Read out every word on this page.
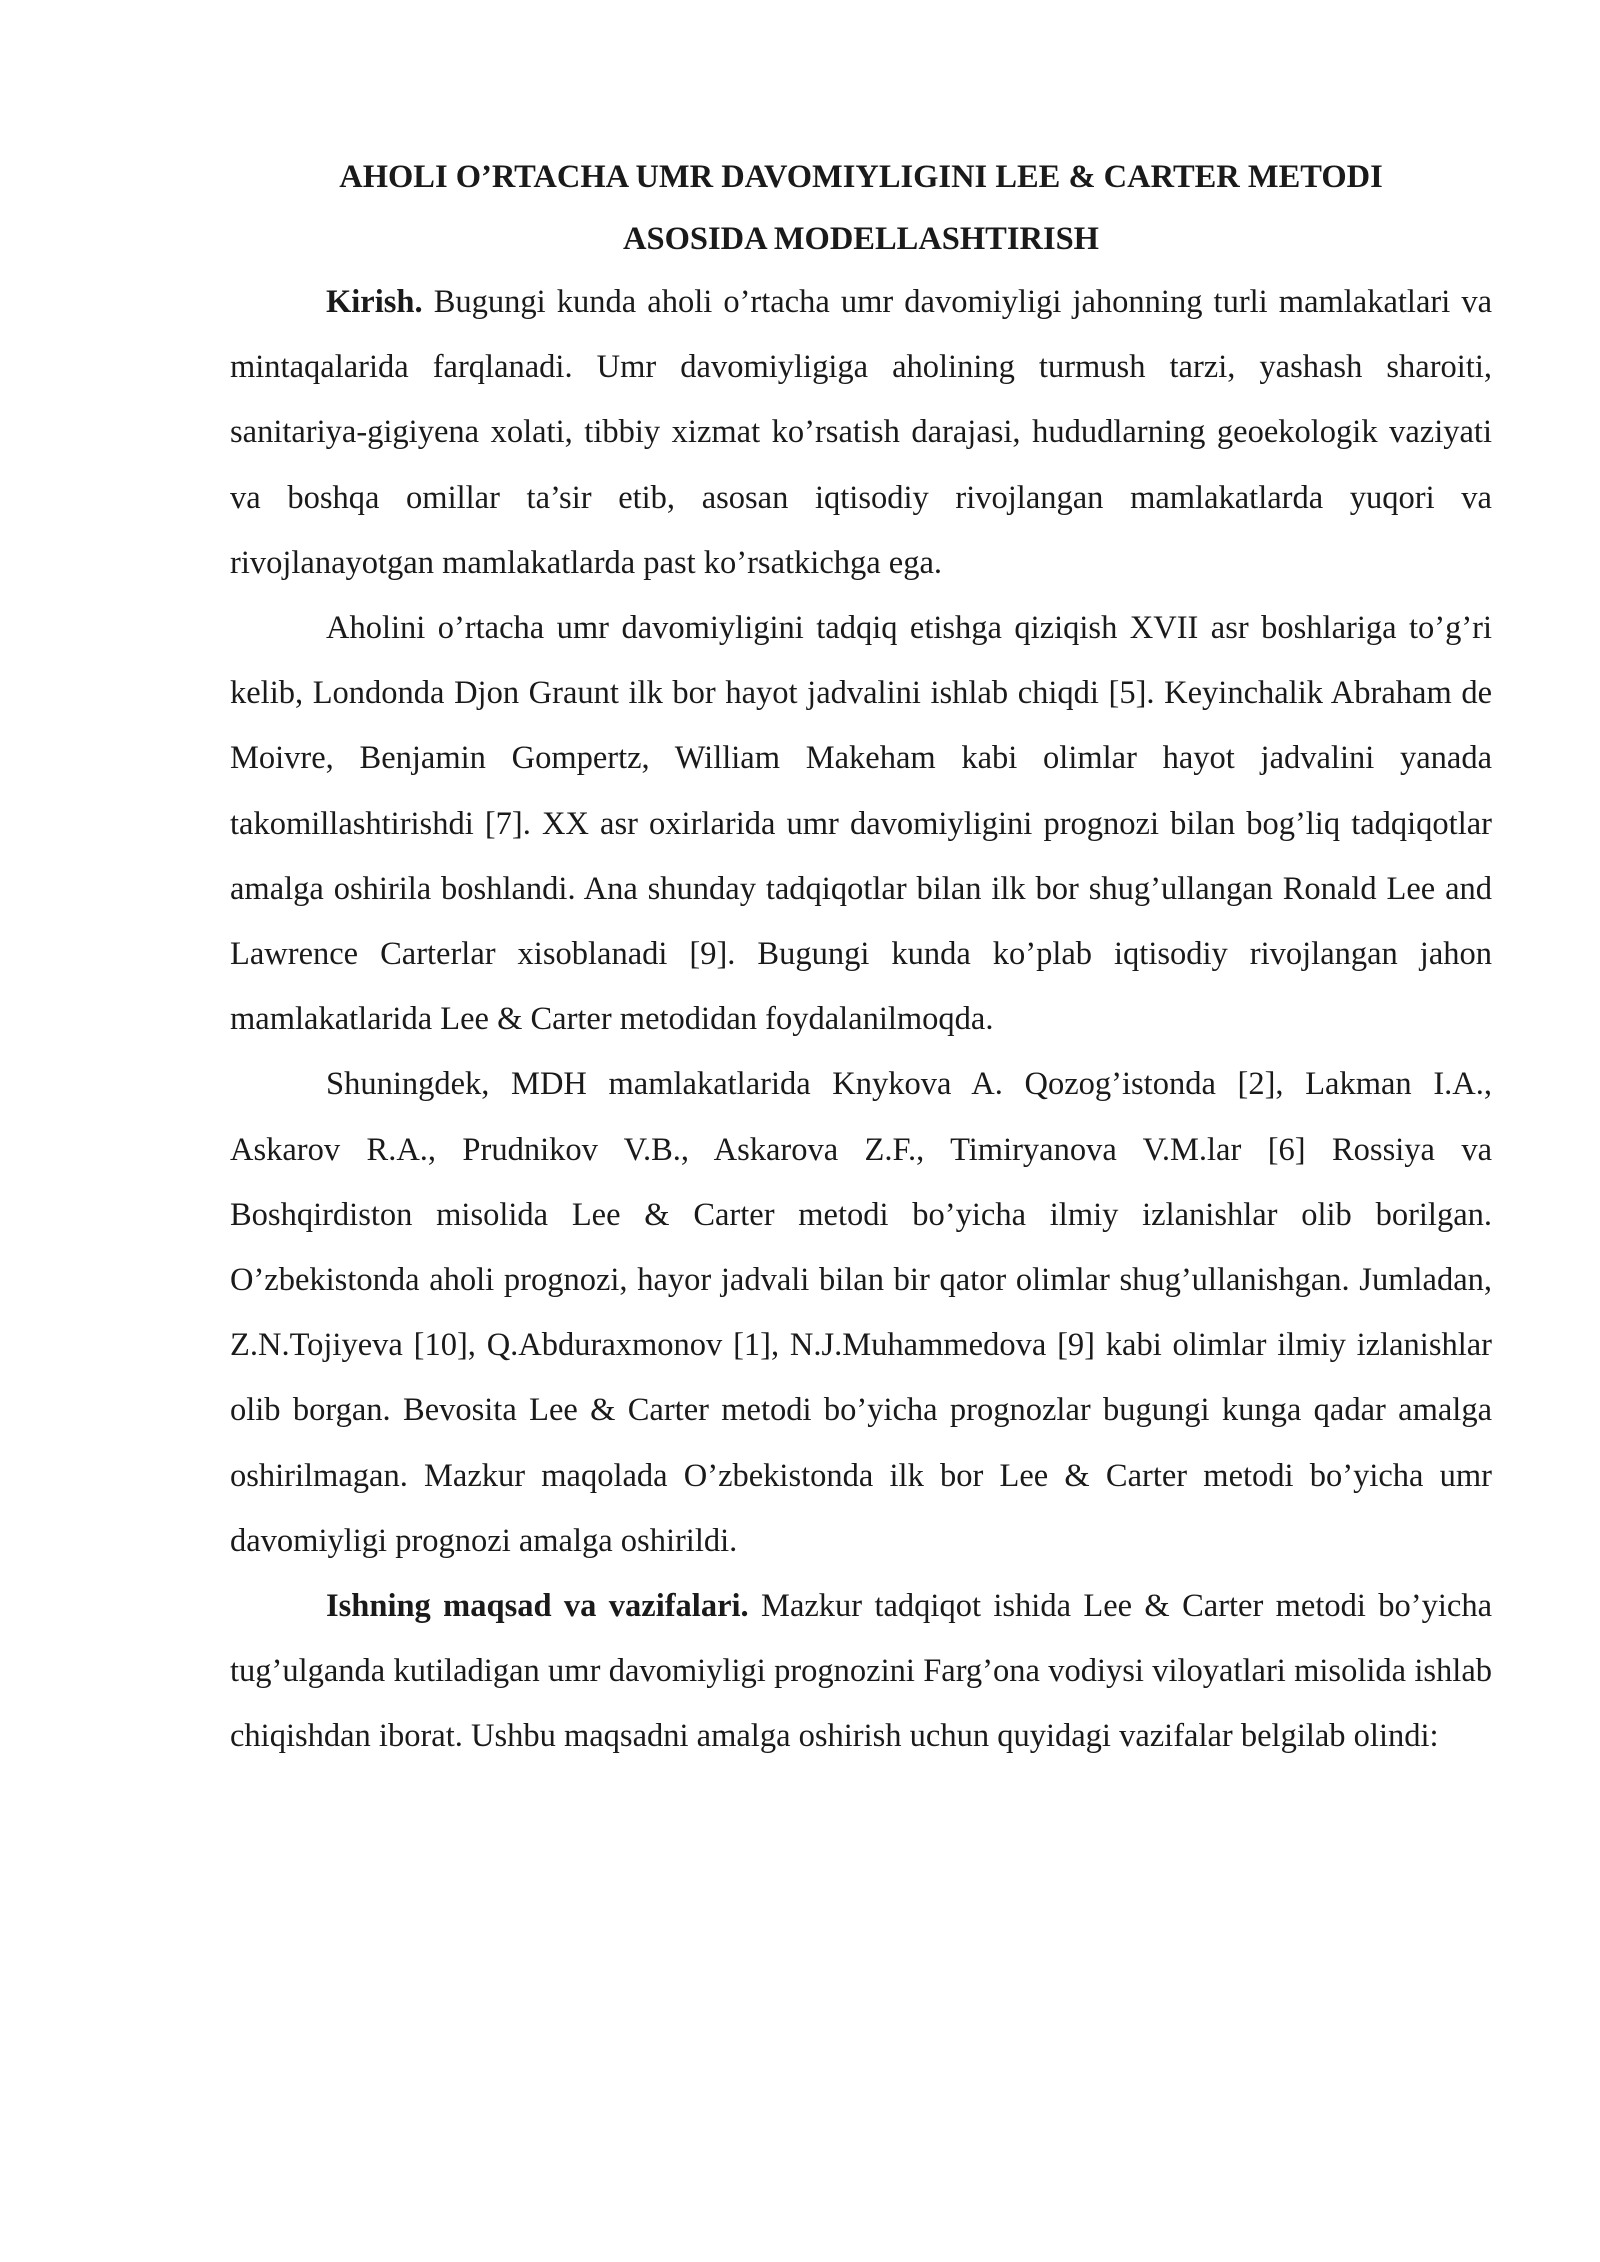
AHOLI O’RTACHA UMR DAVOMIYLIGINI LEE & CARTER METODI
ASOSIDA MODELLASHTIRISH

Kirish. Bugungi kunda aholi o’rtacha umr davomiyligi jahonning turli mamlakatlari va mintaqalarida farqlanadi. Umr davomiyligiga aholining turmush tarzi, yashash sharoiti, sanitariya-gigiyena xolati, tibbiy xizmat ko’rsatish darajasi, hududlarning geoekologik vaziyati va boshqa omillar ta’sir etib, asosan iqtisodiy rivojlangan mamlakatlarda yuqori va rivojlanayotgan mamlakatlarda past ko’rsatkichga ega.

Aholini o’rtacha umr davomiyligini tadqiq etishga qiziqish XVII asr boshlariga to’g’ri kelib, Londonda Djon Graunt ilk bor hayot jadvalini ishlab chiqdi [5]. Keyinchalik Abraham de Moivre, Benjamin Gompertz, William Makeham kabi olimlar hayot jadvalini yanada takomillashtirishdi [7]. XX asr oxirlarida umr davomiyligini prognozi bilan bog’liq tadqiqotlar amalga oshirila boshlandi. Ana shunday tadqiqotlar bilan ilk bor shug’ullangan Ronald Lee and Lawrence Carterlar xisoblanadi [9]. Bugungi kunda ko’plab iqtisodiy rivojlangan jahon mamlakatlarida Lee & Carter metodidan foydalanilmoqda.

Shuningdek, MDH mamlakatlarida Knykova A. Qozog’istonda [2], Lakman I.A., Askarov R.A., Prudnikov V.B., Askarova Z.F., Timiryanova V.M.lar [6] Rossiya va Boshqirdiston misolida Lee & Carter metodi bo’yicha ilmiy izlanishlar olib borilgan. O’zbekistonda aholi prognozi, hayor jadvali bilan bir qator olimlar shug’ullanishgan. Jumladan, Z.N.Tojiyeva [10], Q.Abduraxmonov [1], N.J.Muhammedova [9] kabi olimlar ilmiy izlanishlar olib borgan. Bevosita Lee & Carter metodi bo’yicha prognozlar bugungi kunga qadar amalga oshirilmagan. Mazkur maqolada O’zbekistonda ilk bor Lee & Carter metodi bo’yicha umr davomiyligi prognozi amalga oshirildi.

Ishning maqsad va vazifalari. Mazkur tadqiqot ishida Lee & Carter metodi bo’yicha tug’ulganda kutiladigan umr davomiyligi prognozini Farg’ona vodiysi viloyatlari misolida ishlab chiqishdan iborat. Ushbu maqsadni amalga oshirish uchun quyidagi vazifalar belgilab olindi:
